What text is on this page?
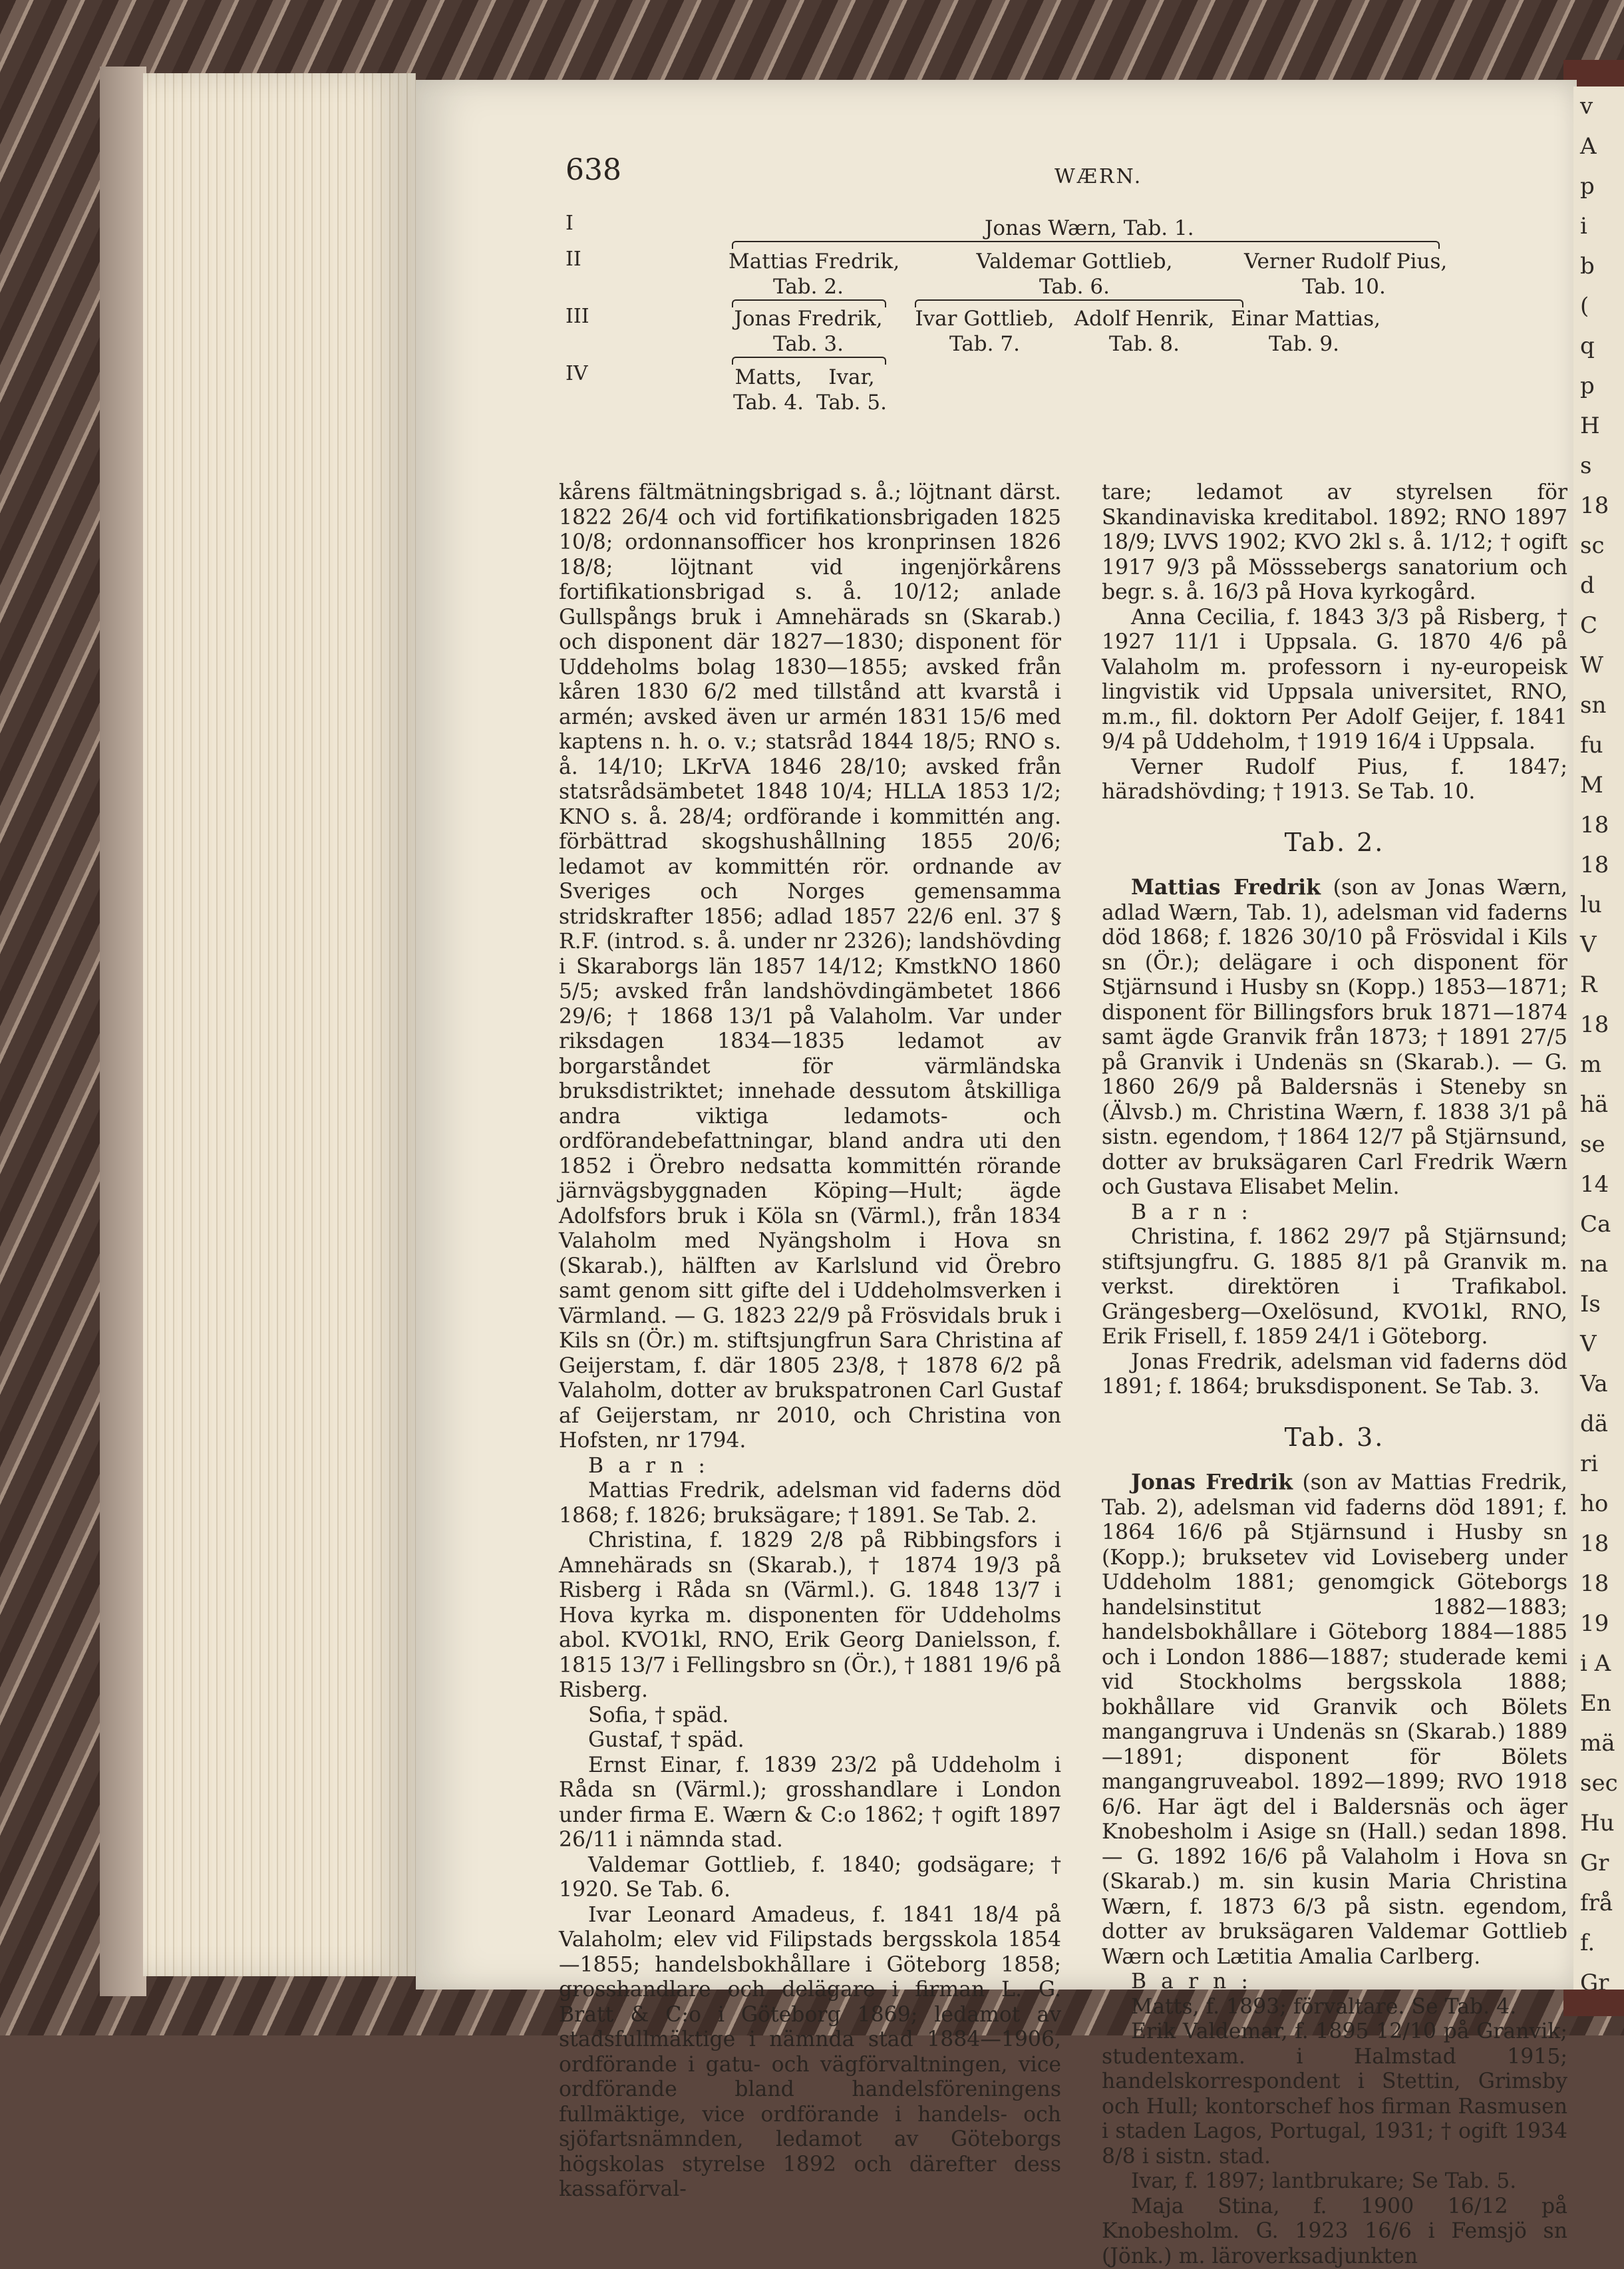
v
A
p
i
b
(
q
p
H
s
18
sc
d
C
W
sn
fu
M
18
18
lu
V
R
18
m
hä
se
14
Ca
na
Is
V
Va
dä
ri
ho
18
18
19
i A
En
mä
sec
Hu
Gr
frå
f.
Gr
638	WÆRN.
I
II
III
IV
Jonas Wærn, Tab. 1.
Mattias Fredrik,
Tab. 2.
Valdemar Gottlieb,
Tab. 6.
Verner Rudolf Pius,
Tab. 10.
Jonas Fredrik,
Tab. 3.
Ivar Gottlieb,
Tab. 7.
Adolf Henrik,
Tab. 8.
Einar Mattias,
Tab. 9.
Matts,
Tab. 4.
Ivar,
Tab. 5.

kårens fältmätningsbrigad s. å.; löjtnant därst. 1822 26/4 och vid fortifikationsbrigaden 1825 10/8; ordonnansofficer hos kronprinsen 1826 18/8; löjtnant vid ingenjörkårens fortifikationsbrigad s. å. 10/12; anlade Gullspångs bruk i Amnehärads sn (Skarab.) och disponent där 1827—1830; disponent för Uddeholms bolag 1830—1855; avsked från kåren 1830 6/2 med tillstånd att kvarstå i armén; avsked även ur armén 1831 15/6 med kaptens n. h. o. v.; statsråd 1844 18/5; RNO s. å. 14/10; LKrVA 1846 28/10; avsked från statsrådsämbetet 1848 10/4; HLLA 1853 1/2; KNO s. å. 28/4; ordförande i kommittén ang. förbättrad skogshushållning 1855 20/6; ledamot av kommittén rör. ordnande av Sveriges och Norges gemensamma stridskrafter 1856; adlad 1857 22/6 enl. 37 § R.F. (introd. s. å. under nr 2326); landshövding i Skaraborgs län 1857 14/12; KmstkNO 1860 5/5; avsked från landshövdingämbetet 1866 29/6; † 1868 13/1 på Valaholm. Var under riksdagen 1834—1835 ledamot av borgarståndet för värmländska bruksdistriktet; innehade dessutom åtskilliga andra viktiga ledamots- och ordförandebefattningar, bland andra uti den 1852 i Örebro nedsatta kommittén rörande järnvägsbyggnaden Köping—Hult; ägde Adolfsfors bruk i Köla sn (Värml.), från 1834 Valaholm med Nyängsholm i Hova sn (Skarab.), hälften av Karlslund vid Örebro samt genom sitt gifte del i Uddeholmsverken i Värmland. — G. 1823 22/9 på Frösvidals bruk i Kils sn (Ör.) m. stiftsjungfrun Sara Christina af Geijerstam, f. där 1805 23/8, † 1878 6/2 på Valaholm, dotter av brukspatronen Carl Gustaf af Geijerstam, nr 2010, och Christina von Hofsten, nr 1794.

B a r n :

Mattias Fredrik, adelsman vid faderns död 1868; f. 1826; bruksägare; † 1891. Se Tab. 2.

Christina, f. 1829 2/8 på Ribbingsfors i Amnehärads sn (Skarab.), † 1874 19/3 på Risberg i Råda sn (Värml.). G. 1848 13/7 i Hova kyrka m. disponenten för Uddeholms abol. KVO1kl, RNO, Erik Georg Danielsson, f. 1815 13/7 i Fellingsbro sn (Ör.), † 1881 19/6 på Risberg.

Sofia, † späd.

Gustaf, † späd.

Ernst Einar, f. 1839 23/2 på Uddeholm i Råda sn (Värml.); grosshandlare i London under firma E. Wærn & C:o 1862; † ogift 1897 26/11 i nämnda stad.

Valdemar Gottlieb, f. 1840; godsägare; † 1920. Se Tab. 6.

Ivar Leonard Amadeus, f. 1841 18/4 på Valaholm; elev vid Filipstads bergsskola 1854—1855; handelsbokhållare i Göteborg 1858; grosshandlare och delägare i firman L. G. Bratt & C:o i Göteborg 1869; ledamot av stadsfullmäktige i nämnda stad 1884—1906, ordförande i gatu- och vägförvaltningen, vice ordförande bland handelsföreningens fullmäktige, vice ordförande i handels- och sjöfartsnämnden, ledamot av Göteborgs högskolas styrelse 1892 och därefter dess kassaförval-

tare; ledamot av styrelsen för Skandinaviska kreditabol. 1892; RNO 1897 18/9; LVVS 1902; KVO 2kl s. å. 1/12; † ogift 1917 9/3 på Mösssebergs sanatorium och begr. s. å. 16/3 på Hova kyrkogård.

Anna Cecilia, f. 1843 3/3 på Risberg, † 1927 11/1 i Uppsala. G. 1870 4/6 på Valaholm m. professorn i ny-europeisk lingvistik vid Uppsala universitet, RNO, m.m., fil. doktorn Per Adolf Geijer, f. 1841 9/4 på Uddeholm, † 1919 16/4 i Uppsala.

Verner Rudolf Pius, f. 1847; häradshövding; † 1913. Se Tab. 10.

Tab. 2.

Mattias Fredrik (son av Jonas Wærn, adlad Wærn, Tab. 1), adelsman vid faderns död 1868; f. 1826 30/10 på Frösvidal i Kils sn (Ör.); delägare i och disponent för Stjärnsund i Husby sn (Kopp.) 1853—1871; disponent för Billingsfors bruk 1871—1874 samt ägde Granvik från 1873; † 1891 27/5 på Granvik i Undenäs sn (Skarab.). — G. 1860 26/9 på Baldersnäs i Steneby sn (Älvsb.) m. Christina Wærn, f. 1838 3/1 på sistn. egendom, † 1864 12/7 på Stjärnsund, dotter av bruksägaren Carl Fredrik Wærn och Gustava Elisabet Melin.

B a r n :

Christina, f. 1862 29/7 på Stjärnsund; stiftsjungfru. G. 1885 8/1 på Granvik m. verkst. direktören i Trafikabol. Grängesberg—Oxelösund, KVO1kl, RNO, Erik Frisell, f. 1859 24/1 i Göteborg.

Jonas Fredrik, adelsman vid faderns död 1891; f. 1864; bruksdisponent. Se Tab. 3.

Tab. 3.

Jonas Fredrik (son av Mattias Fredrik, Tab. 2), adelsman vid faderns död 1891; f. 1864 16/6 på Stjärnsund i Husby sn (Kopp.); bruksetev vid Loviseberg under Uddeholm 1881; genomgick Göteborgs handelsinstitut 1882—1883; handelsbokhållare i Göteborg 1884—1885 och i London 1886—1887; studerade kemi vid Stockholms bergsskola 1888; bokhållare vid Granvik och Bölets mangangruva i Undenäs sn (Skarab.) 1889—1891; disponent för Bölets mangangruveabol. 1892—1899; RVO 1918 6/6. Har ägt del i Baldersnäs och äger Knobesholm i Asige sn (Hall.) sedan 1898. — G. 1892 16/6 på Valaholm i Hova sn (Skarab.) m. sin kusin Maria Christina Wærn, f. 1873 6/3 på sistn. egendom, dotter av bruksägaren Valdemar Gottlieb Wærn och Lætitia Amalia Carlberg.

B a r n :

Matts, f. 1893; förvaltare. Se Tab. 4.

Erik Valdemar, f. 1895 12/10 på Granvik; studentexam. i Halmstad 1915; handelskorrespondent i Stettin, Grimsby och Hull; kontorschef hos firman Rasmusen i staden Lagos, Portugal, 1931; † ogift 1934 8/8 i sistn. stad.

Ivar, f. 1897; lantbrukare; Se Tab. 5.

Maja Stina, f. 1900 16/12 på Knobesholm. G. 1923 16/6 i Femsjö sn (Jönk.) m. läroverksadjunkten
